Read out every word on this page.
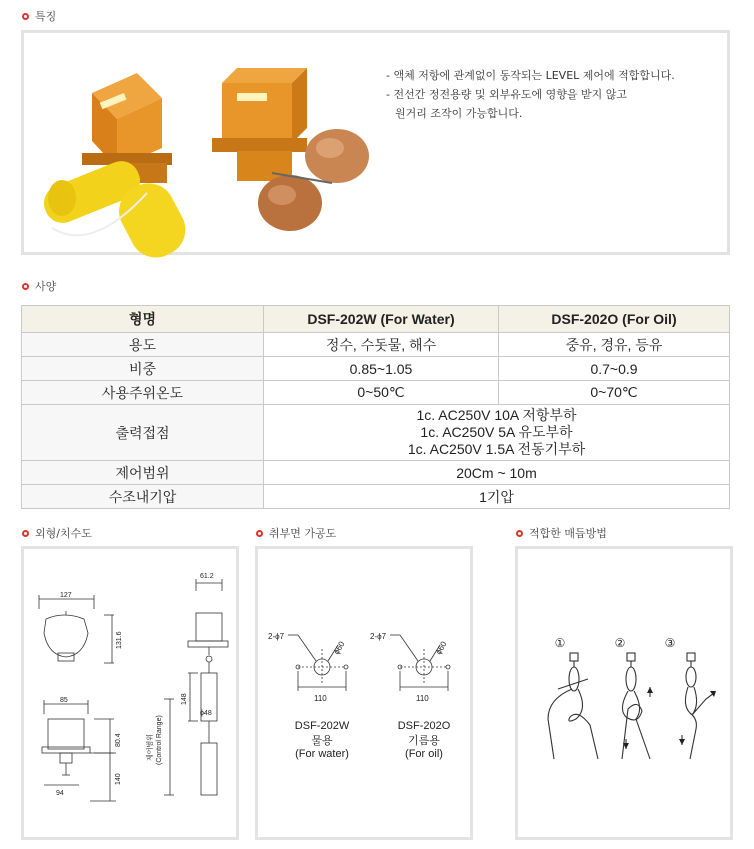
특징
- 액체 저항에 관계없이 동작되는 LEVEL 제어에 적합합니다.
- 전선간 정전용량 및 외부유도에 영향을 받지 않고
원거리 조작이 가능합니다.
사양
형명	DSF-202W (For Water)	DSF-202O (For Oil)
용도	정수, 수돗물, 해수	중유, 경유, 등유
비중	0.85~1.05	0.7~0.9
사용주위온도	0~50℃	0~70℃
출력접점	1c. AC250V 10A 저항부하
1c. AC250V 5A 유도부하
1c. AC250V 1.5A 전동기부하	

제어범위	20Cm ~ 10m	
수조내기압	1기압	
외형/치수도	취부면 가공도	적합한 매듭방법
127
131.6
85
80.4
94
140
61.2
148
ϕ48
제어범위 (Control Range)
2-ϕ7
ϕ60
110
2-ϕ7
ϕ60
110
DSF-202W
물용
(For water)
DSF-202O
기름용
(For oil)
①	②	③
